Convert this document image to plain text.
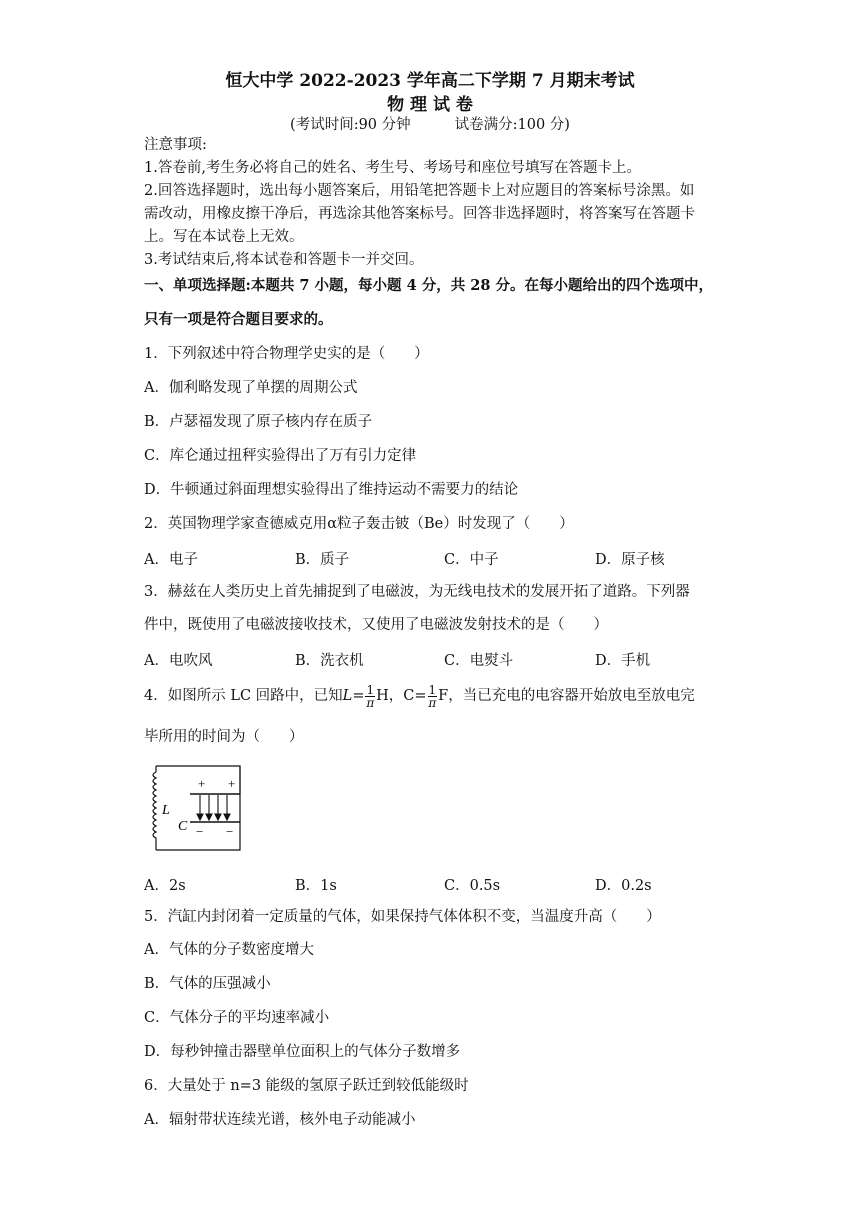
恒大中学 2022-2023 学年高二下学期 7 月期末考试
物 理 试 卷
(考试时间:90 分钟	试卷满分:100 分)
注意事项:
1.答卷前,考生务必将自己的姓名、考生号、考场号和座位号填写在答题卡上。
2.回答选择题时，选出每小题答案后，用铅笔把答题卡上对应题目的答案标号涂黑。如
需改动，用橡皮擦干净后，再选涂其他答案标号。回答非选择题时，将答案写在答题卡
上。写在本试卷上无效。
3.考试结束后,将本试卷和答题卡一并交回。
一、单项选择题:本题共 7 小题，每小题 4 分，共 28 分。在每小题给出的四个选项中，
只有一项是符合题目要求的。
1．下列叙述中符合物理学史实的是（　　）
A．伽利略发现了单摆的周期公式
B．卢瑟福发现了原子核内存在质子
C．库仑通过扭秤实验得出了万有引力定律
D．牛顿通过斜面理想实验得出了维持运动不需要力的结论
2．英国物理学家查德威克用α粒子轰击铍（Be）时发现了（　　）
A．电子	B．质子	C．中子	D．原子核
3．赫兹在人类历史上首先捕捉到了电磁波，为无线电技术的发展开拓了道路。下列器
件中，既使用了电磁波接收技术，又使用了电磁波发射技术的是（　　）
A．电吹风	B．洗衣机	C．电熨斗	D．手机
4．如图所示 LC 回路中，已知$L= \frac{1}{\pi}$ H，$C= \frac{1}{\pi}$ F，当已充电的电容器开始放电至放电完
毕所用的时间为（　　）
+ +
− −
L
C
A．2s	B．1s	C．0.5s	D．0.2s
5．汽缸内封闭着一定质量的气体，如果保持气体体积不变，当温度升高（　　）
A．气体的分子数密度增大
B．气体的压强减小
C．气体分子的平均速率减小
D．每秒钟撞击器壁单位面积上的气体分子数增多
6．大量处于 n=3 能级的氢原子跃迁到较低能级时
A．辐射带状连续光谱，核外电子动能减小
